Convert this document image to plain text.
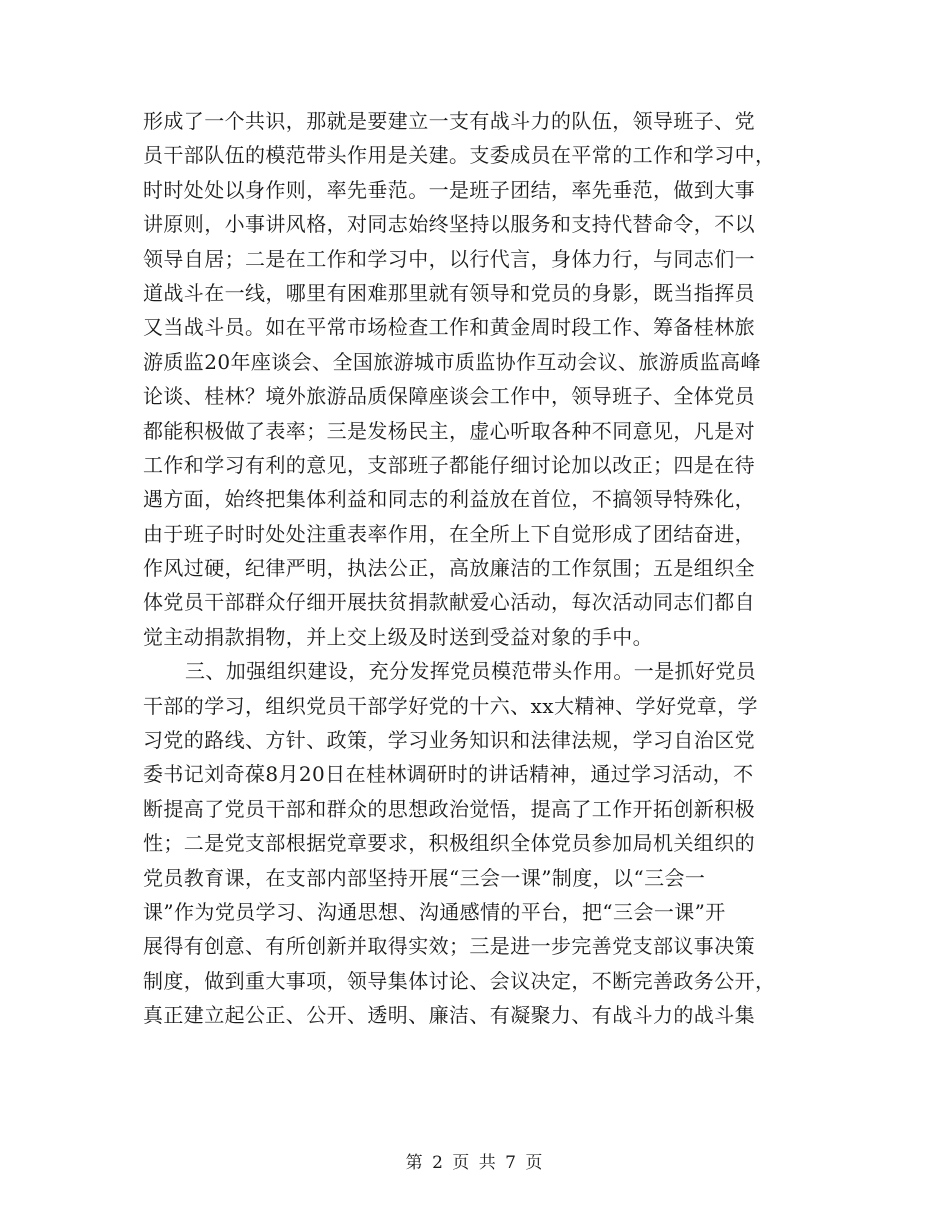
形成了一个共识，那就是要建立一支有战斗力的队伍，领导班子、党
员干部队伍的模范带头作用是关建。支委成员在平常的工作和学习中，
时时处处以身作则，率先垂范。一是班子团结，率先垂范，做到大事
讲原则，小事讲风格，对同志始终坚持以服务和支持代替命令，不以
领导自居；二是在工作和学习中，以行代言，身体力行，与同志们一
道战斗在一线，哪里有困难那里就有领导和党员的身影，既当指挥员
又当战斗员。如在平常市场检查工作和黄金周时段工作、筹备桂林旅
游质监20年座谈会、全国旅游城市质监协作互动会议、旅游质监高峰
论谈、桂林？境外旅游品质保障座谈会工作中，领导班子、全体党员
都能积极做了表率；三是发杨民主，虚心听取各种不同意见，凡是对
工作和学习有利的意见，支部班子都能仔细讨论加以改正；四是在待
遇方面，始终把集体利益和同志的利益放在首位，不搞领导特殊化，
由于班子时时处处注重表率作用，在全所上下自觉形成了团结奋进，
作风过硬，纪律严明，执法公正，高放廉洁的工作氛围；五是组织全
体党员干部群众仔细开展扶贫捐款献爱心活动，每次活动同志们都自
觉主动捐款捐物，并上交上级及时送到受益对象的手中。
三、加强组织建设，充分发挥党员模范带头作用。一是抓好党员
干部的学习，组织党员干部学好党的十六、xx大精神、学好党章，学
习党的路线、方针、政策，学习业务知识和法律法规，学习自治区党
委书记刘奇葆8月20日在桂林调研时的讲话精神，通过学习活动，不
断提高了党员干部和群众的思想政治觉悟，提高了工作开拓创新积极
性；二是党支部根据党章要求，积极组织全体党员参加局机关组织的
党员教育课，在支部内部坚持开展“三会一课”制度，以“三会一
课”作为党员学习、沟通思想、沟通感情的平台，把“三会一课”开
展得有创意、有所创新并取得实效；三是进一步完善党支部议事决策
制度，做到重大事项，领导集体讨论、会议决定，不断完善政务公开，
真正建立起公正、公开、透明、廉洁、有凝聚力、有战斗力的战斗集
第 2 页 共 7 页
